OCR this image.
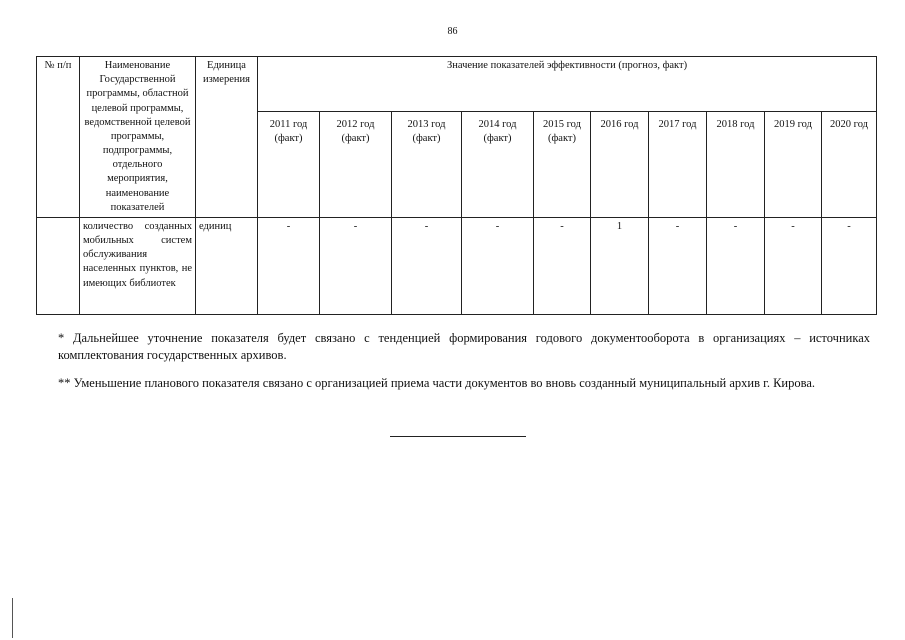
86
№ п/п	Наименование Государственной программы, областной целевой программы, ведомственной целевой программы, подпрограммы, отдельного мероприятия, наименование показателей	Единица измерения	Значение показателей эффективности (прогноз, факт)									
			2011 год (факт)	2012 год (факт)	2013 год (факт)	2014 год (факт)	2015 год (факт)	2016 год	2017 год	2018 год	2019 год	2020 год
	количество созданных мобильных систем обслуживания населенных пунктов, не имеющих библиотек	единиц	-	-	-	-	-	1	-	-	-	-
* Дальнейшее уточнение показателя будет связано с тенденцией формирования годового документооборота в организациях – источниках комплектования государственных архивов.
** Уменьшение планового показателя связано с организацией приема части документов во вновь созданный муниципальный архив г. Кирова.
